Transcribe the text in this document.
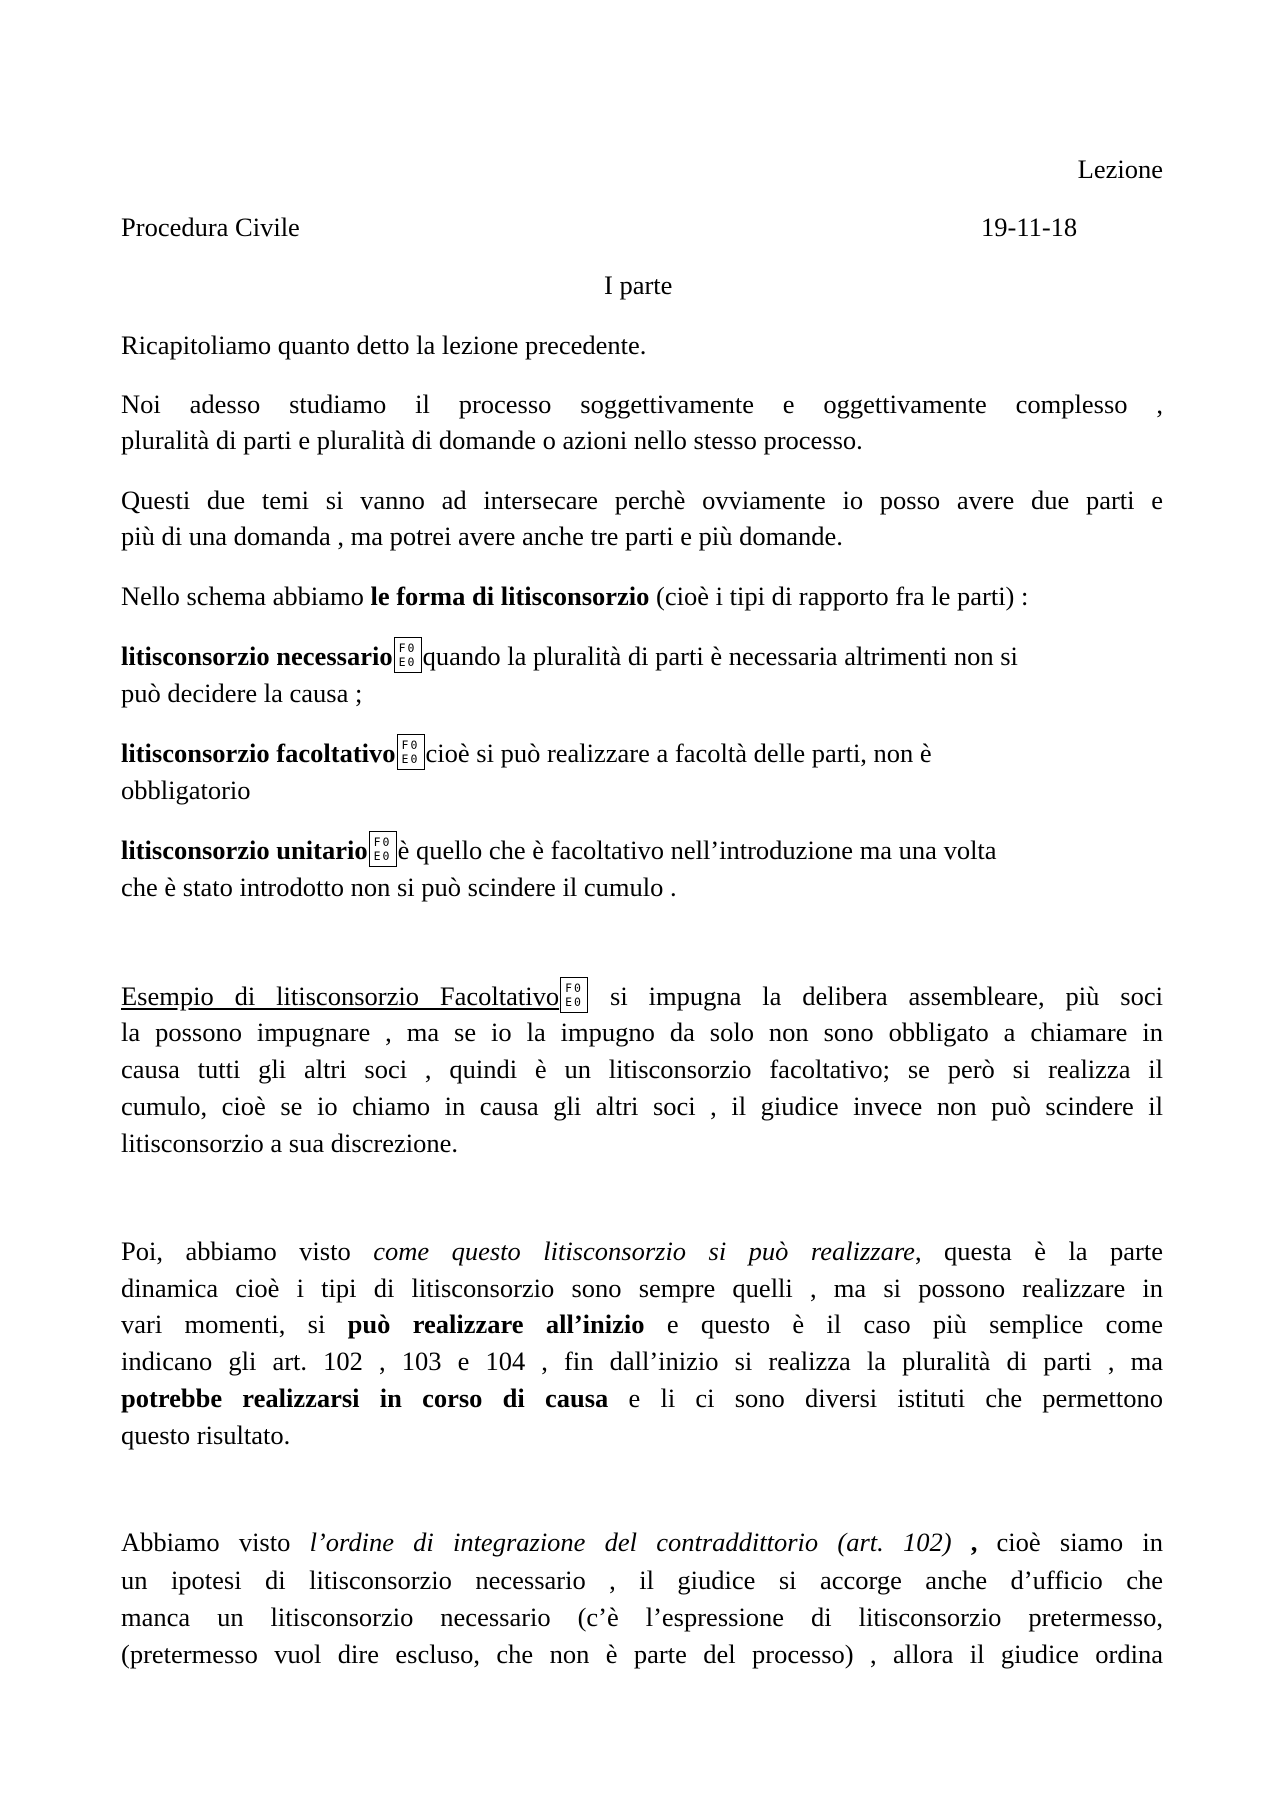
Lezione
Procedura Civile	19-11-18
I parte
Ricapitoliamo quanto detto la lezione precedente.
Noi adesso studiamo il processo soggettivamente e oggettivamente complesso ,
pluralità di parti e pluralità di domande o azioni nello stesso processo.
Questi due temi si vanno ad intersecare perchè ovviamente io posso avere due parti e
più di una domanda , ma potrei avere anche tre parti e più domande.
Nello schema abbiamo le forma di litisconsorzio (cioè i tipi di rapporto fra le parti) :
litisconsorzio necessario F0
E0 quando la pluralità di parti è necessaria altrimenti non si
può decidere la causa ;
litisconsorzio facoltativo F0
E0 cioè si può realizzare a facoltà delle parti, non è
obbligatorio
litisconsorzio unitario F0
E0 è quello che è facoltativo nell’introduzione ma una volta
che è stato introdotto non si può scindere il cumulo .
Esempio di litisconsorzio Facoltativo F0
E0 si impugna la delibera assembleare, più soci
la possono impugnare , ma se io la impugno da solo non sono obbligato a chiamare in
causa tutti gli altri soci , quindi è un litisconsorzio facoltativo; se però si realizza il
cumulo, cioè se io chiamo in causa gli altri soci , il giudice invece non può scindere il
litisconsorzio a sua discrezione.
Poi, abbiamo visto come questo litisconsorzio si può realizzare, questa è la parte
dinamica cioè i tipi di litisconsorzio sono sempre quelli , ma si possono realizzare in
vari momenti, si può realizzare all’inizio e questo è il caso più semplice come
indicano gli art. 102 , 103 e 104 , fin dall’inizio si realizza la pluralità di parti , ma
potrebbe realizzarsi in corso di causa e li ci sono diversi istituti che permettono
questo risultato.
Abbiamo visto l’ordine di integrazione del contraddittorio (art. 102) , cioè siamo in
un ipotesi di litisconsorzio necessario , il giudice si accorge anche d’ufficio che
manca un litisconsorzio necessario (c’è l’espressione di litisconsorzio pretermesso,
(pretermesso vuol dire escluso, che non è parte del processo) , allora il giudice ordina
